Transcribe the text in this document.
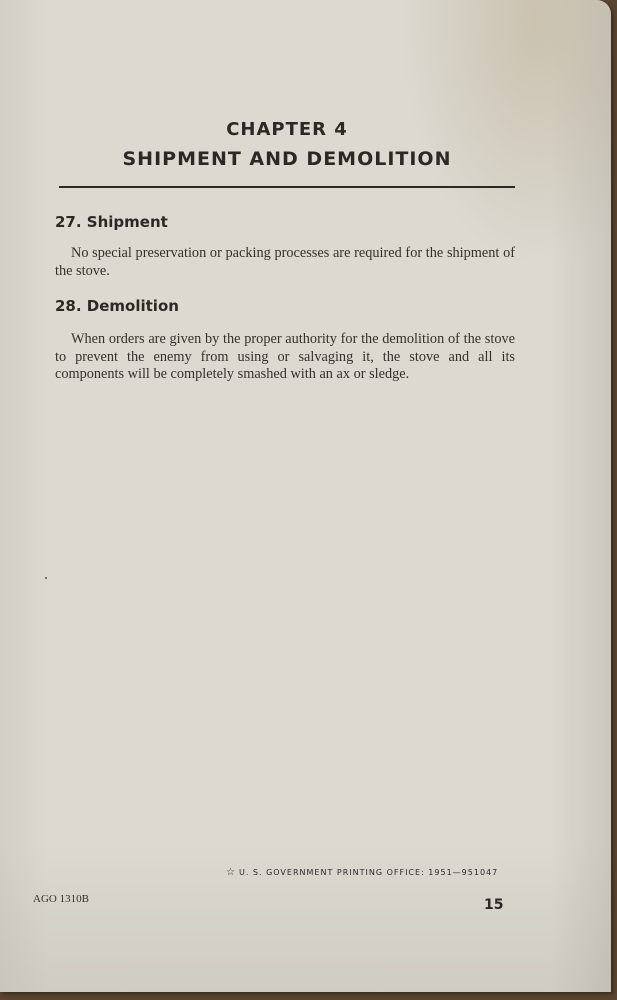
CHAPTER 4
SHIPMENT AND DEMOLITION
27. Shipment
No special preservation or packing processes are required for the shipment of the stove.
28. Demolition
When orders are given by the proper authority for the demolition of the stove to prevent the enemy from using or salvaging it, the stove and all its components will be completely smashed with an ax or sledge.
☆ U. S. GOVERNMENT PRINTING OFFICE: 1951—951047
AGO 1310B	15
